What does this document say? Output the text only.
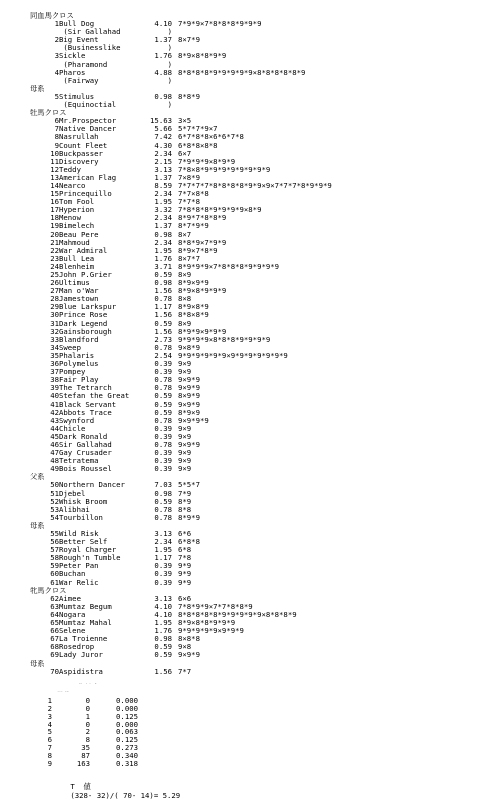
同血馬クロス
1Bull Dog	4.10 7*9*9×7*8*8*8*9*9*9
(Sir Gallahad	)
2Big Event	1.37 8×7*9
(Businesslike	)
3Sickle	1.76 8*9×8*8*9*9
(Pharamond	)
4Pharos	4.88 8*8*8*8*9*9*9*9*9×8*8*8*8*8*9
(Fairway	)
母系
5Stimulus	0.98 8*8*9
(Equinoctial	)
牡馬クロス
6Mr.Prospector	15.63 3×5
7Native Dancer	5.66 5*7*7*9×7
8Nasrullah	7.42 6*7*8*8×6*6*7*8
9Count Fleet	4.30 6*8*8×8*8
10Buckpasser	2.34 6×7
11Discovery	2.15 7*9*9*9×8*9*9
12Teddy	3.13 7*8×8*9*9*9*9*9*9*9*9
13American Flag	1.37 7×8*9
14Nearco	8.59 7*7*7*7*8*8*8*8*9*9×9×7*7*7*8*9*9*9
15Princequillo	2.34 7*7×8*8
16Tom Fool	1.95 7*7*8
17Hyperion	3.32 7*8*8*8*9*9*9*9×8*9
18Menow	2.34 8*9*7*8*8*9
19Bimelech	1.37 8*7*9*9
20Beau Pere	0.98 8×7
21Mahmoud	2.34 8*8*9×7*9*9
22War Admiral	1.95 8*9×7*8*9
23Bull Lea	1.76 8×7*7
24Blenheim	3.71 8*9*9*9×7*8*8*8*9*9*9*9
25John P.Grier	0.59 8×9
26Ultimus	0.98 8*9×9*9
27Man o'War	1.56 8*9×8*9*9*9
28Jamestown	0.78 8×8
29Blue Larkspur	1.17 8*9×8*9
30Prince Rose	1.56 8*8×8*9
31Dark Legend	0.59 8×9
32Gainsborough	1.56 8*9*9×9*9*9
33Blandford	2.73 9*9*9*9×8*8*8*9*9*9*9
34Sweep	0.78 9×8*9
35Phalaris	2.54 9*9*9*9*9*9×9*9*9*9*9*9*9
36Polymelus	0.39 9×9
37Pompey	0.39 9×9
38Fair Play	0.78 9×9*9
39The Tetrarch	0.78 9×9*9
40Stefan the Great	0.59 8×9*9
41Black Servant	0.59 9×9*9
42Abbots Trace	0.59 8*9×9
43Swynford	0.78 9×9*9*9
44Chicle	0.39 9×9
45Dark Ronald	0.39 9×9
46Sir Gallahad	0.78 9×9*9
47Gay Crusader	0.39 9×9
48Tetratema	0.39 9×9
49Bois Roussel	0.39 9×9
父系
50Northern Dancer	7.03 5*5*7
51Djebel	0.98 7*9
52Whisk Broom	0.59 8*9
53Alibhai	0.78 8*8
54Tourbillon	0.78 8*9*9
母系
55Wild Risk	3.13 6*6
56Better Self	2.34 6*8*8
57Royal Charger	1.95 6*8
58Rough'n Tumble	1.17 7*8
59Peter Pan	0.39 9*9
60Buchan	0.39 9*9
61War Relic	0.39 9*9
牝馬クロス
62Aimee	3.13 6×6
63Mumtaz Begum	4.10 7*8*9*9×7*7*8*8*9
64Nogara	4.10 8*8*8*8*8*9*9*9*9*9×8*8*8*9
65Mumtaz Mahal	1.95 8*9×8*8*9*9*9
66Selene	1.76 9*9*9*9*9×9*9*9
67La Troienne	0.98 8×8*8
68Rosedrop	0.59 9×8
69Lady Juror	0.59 9×9*9
母系
70Aspidistra	1.56 7*7

1	0	0.000
2	0	0.000
3	1	0.125
4	0	0.000
5	2	0.063
6	8	0.125
7	35	0.273
8	87	0.340
9	163	0.318

T  値
(328- 32)/( 70- 14)= 5.29
